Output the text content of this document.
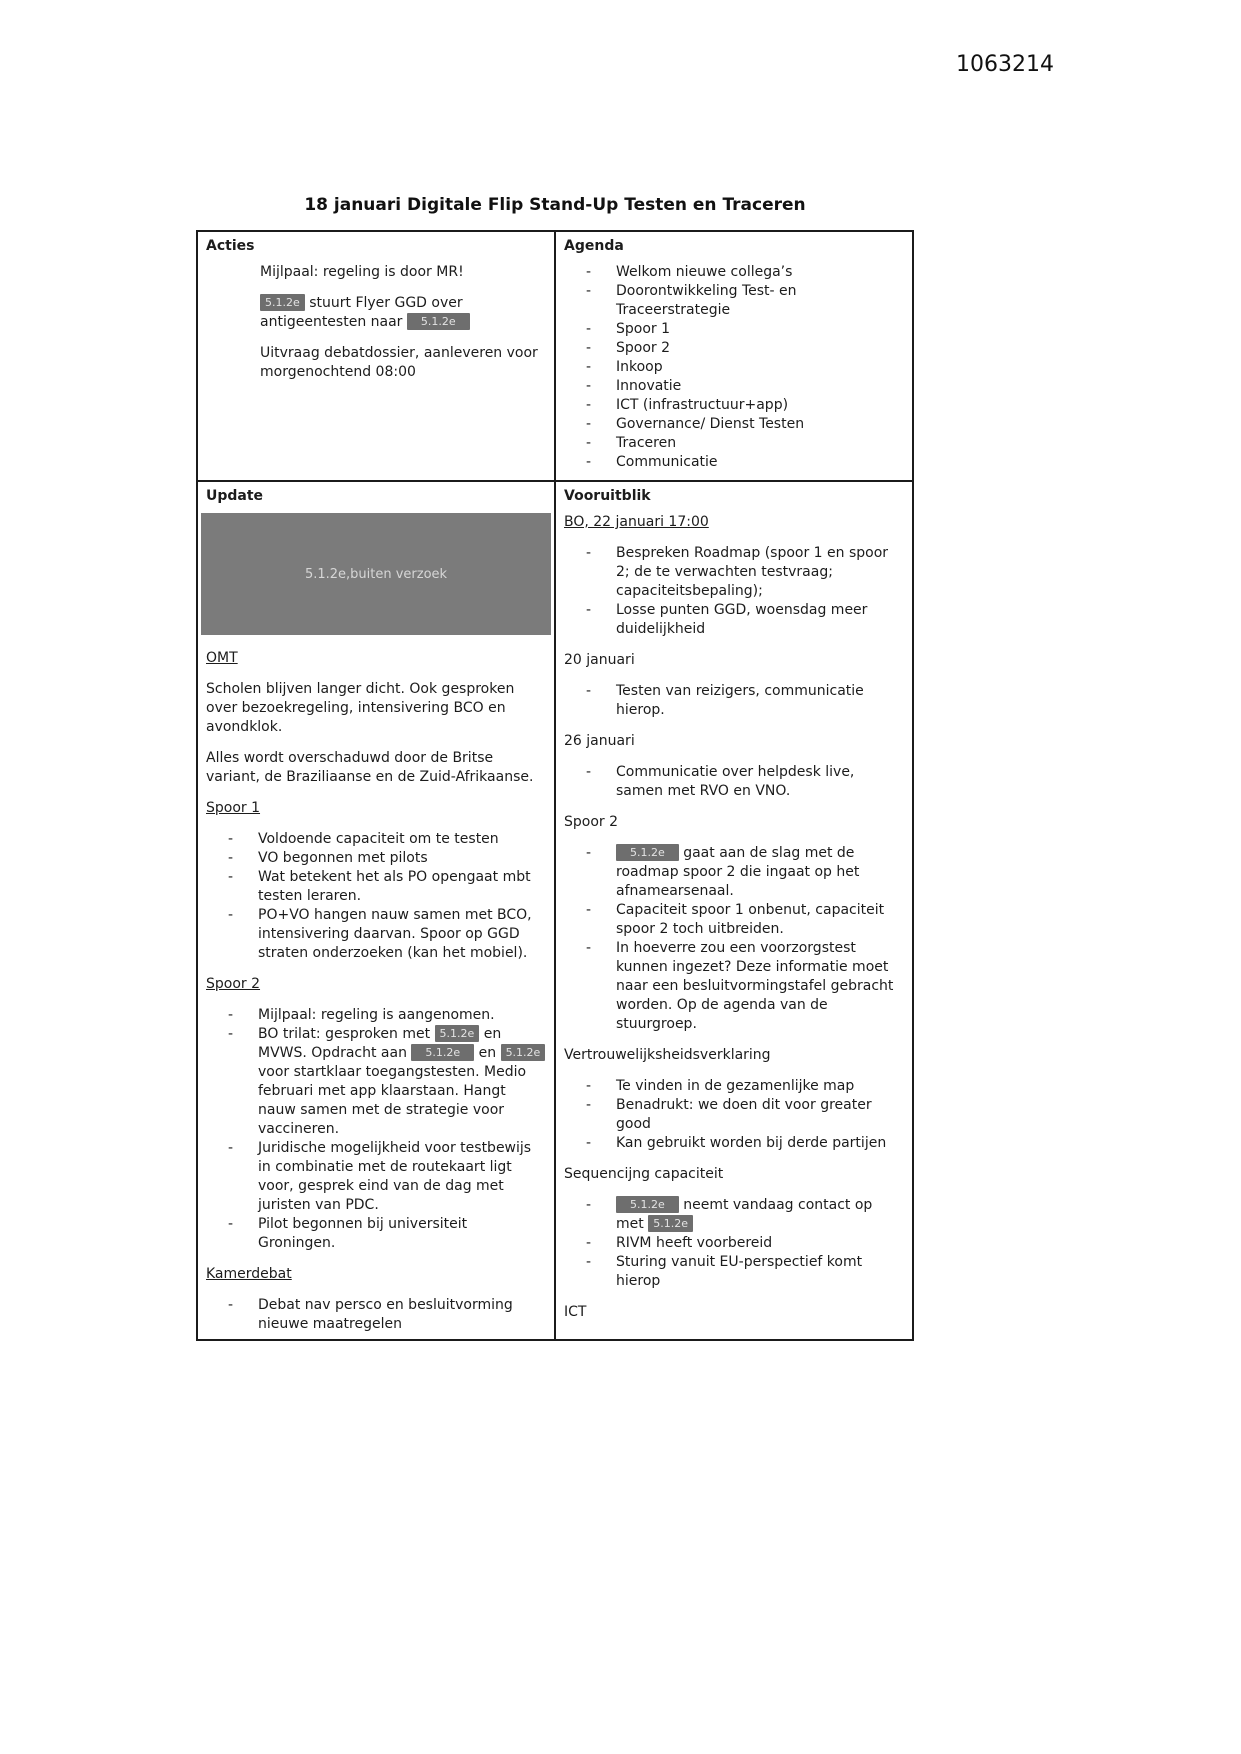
1063214
18 januari Digitale Flip Stand-Up Testen en Traceren
Acties

Mijlpaal: regeling is door MR!

5.1.2e stuurt Flyer GGD over antigeentesten naar 5.1.2e

Uitvraag debatdossier, aanleveren voor morgenochtend 08:00

Agenda
-	Welkom nieuwe collega’s
-	Doorontwikkeling Test- en Traceerstrategie
-	Spoor 1
-	Spoor 2
-	Inkoop
-	Innovatie
-	ICT (infrastructuur+app)
-	Governance/ Dienst Testen
-	Traceren
-	Communicatie

Update
5.1.2e,buiten verzoek
OMT

Scholen blijven langer dicht. Ook gesproken over bezoekregeling, intensivering BCO en avondklok.

Alles wordt overschaduwd door de Britse variant, de Braziliaanse en de Zuid-Afrikaanse.

Spoor 1
-	Voldoende capaciteit om te testen
-	VO begonnen met pilots
-	Wat betekent het als PO opengaat mbt testen leraren.
-	PO+VO hangen nauw samen met BCO, intensivering daarvan. Spoor op GGD straten onderzoeken (kan het mobiel).
Spoor 2
-	Mijlpaal: regeling is aangenomen.
-	BO trilat: gesproken met 5.1.2e en MVWS. Opdracht aan 5.1.2e en 5.1.2e voor startklaar toegangstesten. Medio februari met app klaarstaan. Hangt nauw samen met de strategie voor vaccineren.
-	Juridische mogelijkheid voor testbewijs in combinatie met de routekaart ligt voor, gesprek eind van de dag met juristen van PDC.
-	Pilot begonnen bij universiteit Groningen.
Kamerdebat
-	Debat nav persco en besluitvorming nieuwe maatregelen

Vooruitblik
BO, 22 januari 17:00
-	Bespreken Roadmap (spoor 1 en spoor 2; de te verwachten testvraag; capaciteitsbepaling);
-	Losse punten GGD, woensdag meer duidelijkheid
20 januari
-	Testen van reizigers, communicatie hierop.
26 januari
-	Communicatie over helpdesk live, samen met RVO en VNO.
Spoor 2
-	5.1.2e gaat aan de slag met de roadmap spoor 2 die ingaat op het afnamearsenaal.
-	Capaciteit spoor 1 onbenut, capaciteit spoor 2 toch uitbreiden.
-	In hoeverre zou een voorzorgstest kunnen ingezet? Deze informatie moet naar een besluitvormingstafel gebracht worden. Op de agenda van de stuurgroep.
Vertrouwelijksheidsverklaring
-	Te vinden in de gezamenlijke map
-	Benadrukt: we doen dit voor greater good
-	Kan gebruikt worden bij derde partijen
Sequencijng capaciteit
-	5.1.2e neemt vandaag contact op met 5.1.2e
-	RIVM heeft voorbereid
-	Sturing vanuit EU-perspectief komt hierop
ICT
